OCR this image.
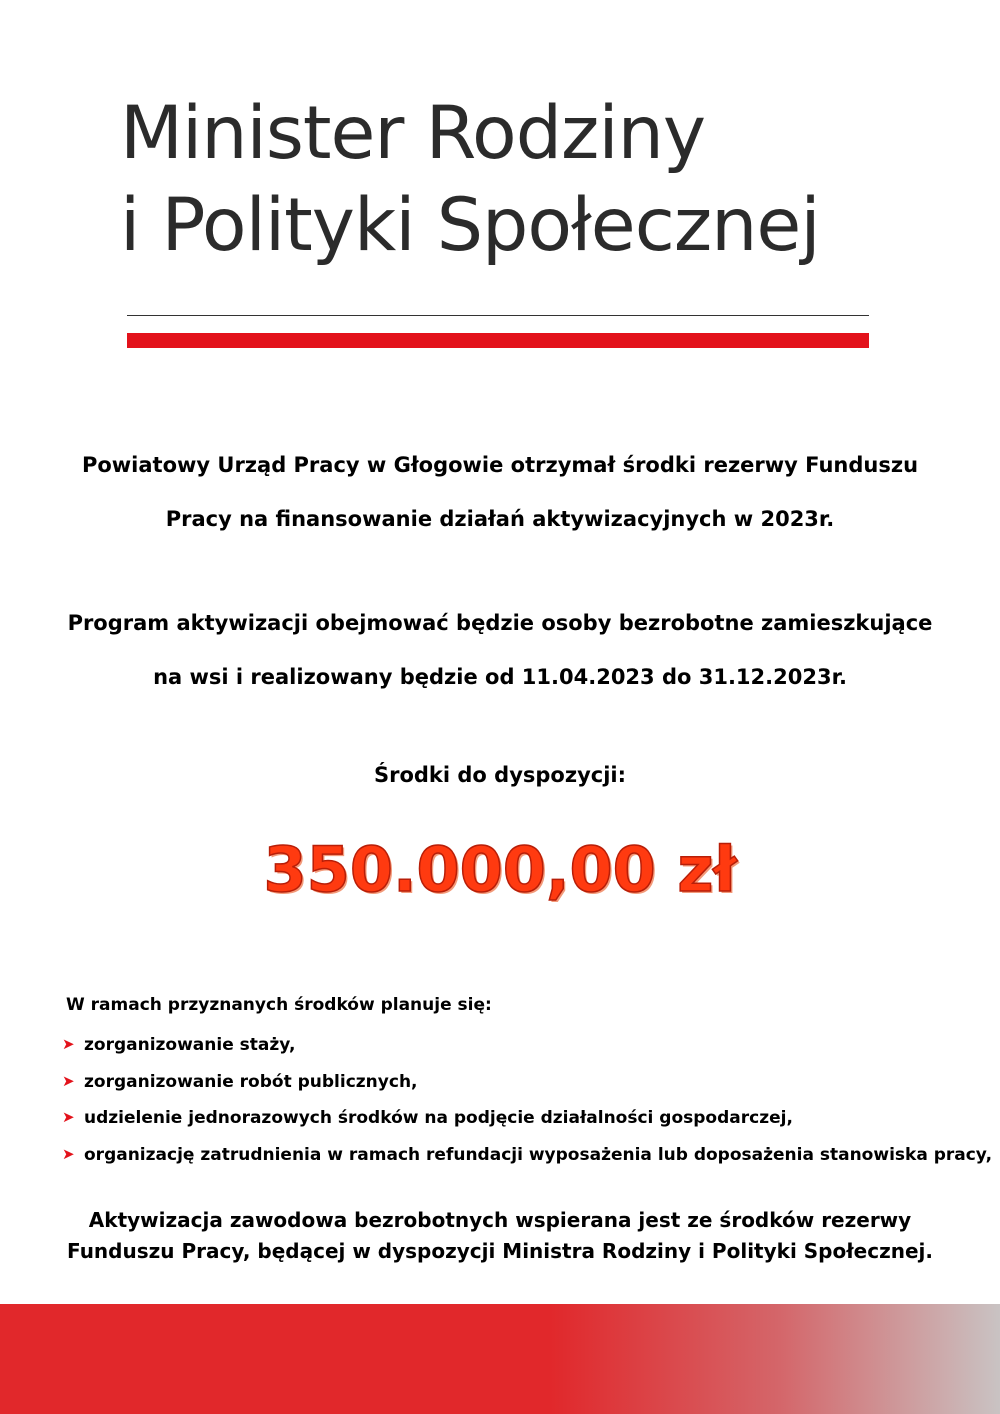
Minister Rodziny
i Polityki Społecznej
Powiatowy Urząd Pracy w Głogowie otrzymał środki rezerwy Funduszu
Pracy na finansowanie działań aktywizacyjnych w 2023r.
Program aktywizacji obejmować będzie osoby bezrobotne zamieszkujące
na wsi i realizowany będzie od 11.04.2023 do 31.12.2023r.
Środki do dyspozycji:
350.000,00 zł
W ramach przyznanych środków planuje się:
➤ zorganizowanie staży,
➤ zorganizowanie robót publicznych,
➤ udzielenie jednorazowych środków na podjęcie działalności gospodarczej,
➤ organizację zatrudnienia w ramach refundacji wyposażenia lub doposażenia stanowiska pracy,
Aktywizacja zawodowa bezrobotnych wspierana jest ze środków rezerwy
Funduszu Pracy, będącej w dyspozycji Ministra Rodziny i Polityki Społecznej.
